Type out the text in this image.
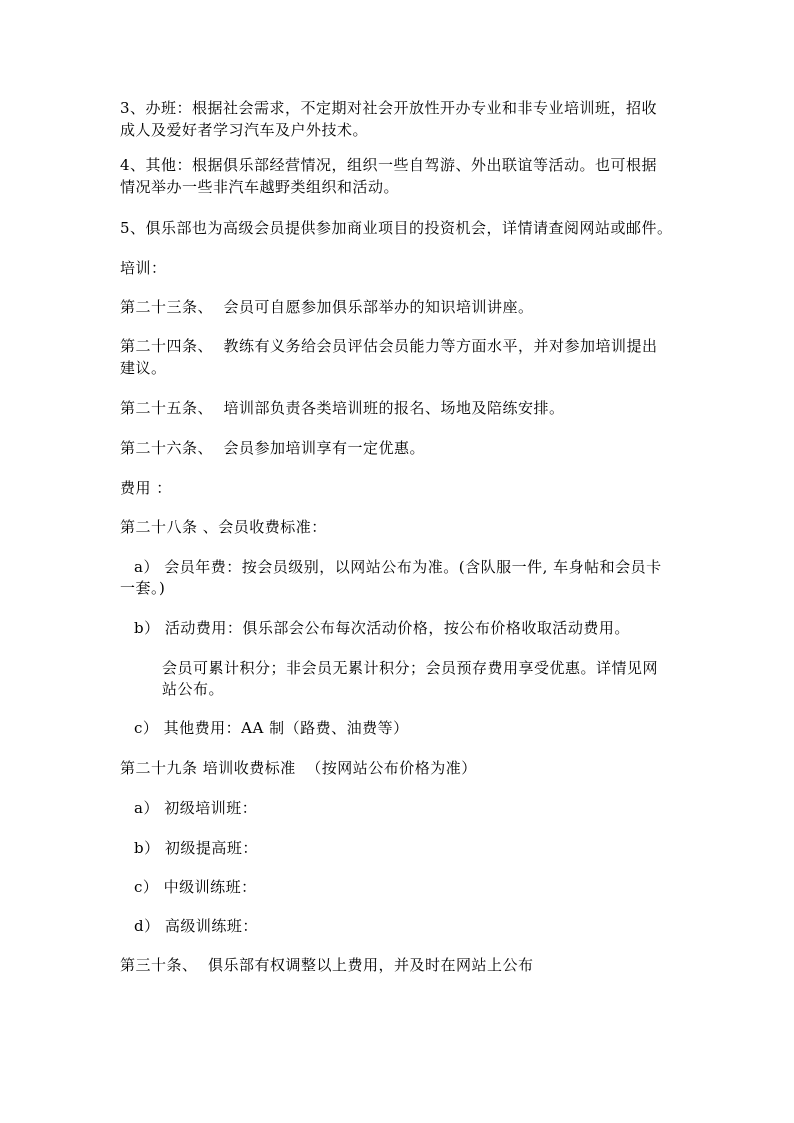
3、办班：根据社会需求，不定期对社会开放性开办专业和非专业培训班，招收
成人及爱好者学习汽车及户外技术。
4、其他：根据俱乐部经营情况，组织一些自驾游、外出联谊等活动。也可根据
情况举办一些非汽车越野类组织和活动。
5、俱乐部也为高级会员提供参加商业项目的投资机会，详情请查阅网站或邮件。
培训：
第二十三条、  会员可自愿参加俱乐部举办的知识培训讲座。
第二十四条、  教练有义务给会员评估会员能力等方面水平，并对参加培训提出
建议。
第二十五条、  培训部负责各类培训班的报名、场地及陪练安排。
第二十六条、  会员参加培训享有一定优惠。
费用 ：
第二十八条 、会员收费标准：
a） 会员年费：按会员级别，以网站公布为准。(含队服一件, 车身帖和会员卡
一套。)
b） 活动费用：俱乐部会公布每次活动价格，按公布价格收取活动费用。
会员可累计积分；非会员无累计积分；会员预存费用享受优惠。详情见网
站公布。
c） 其他费用：AA 制（路费、油费等）
第二十九条 培训收费标准  （按网站公布价格为准）
a） 初级培训班：
b） 初级提高班：
c） 中级训练班：
d） 高级训练班：
第三十条、  俱乐部有权调整以上费用，并及时在网站上公布
